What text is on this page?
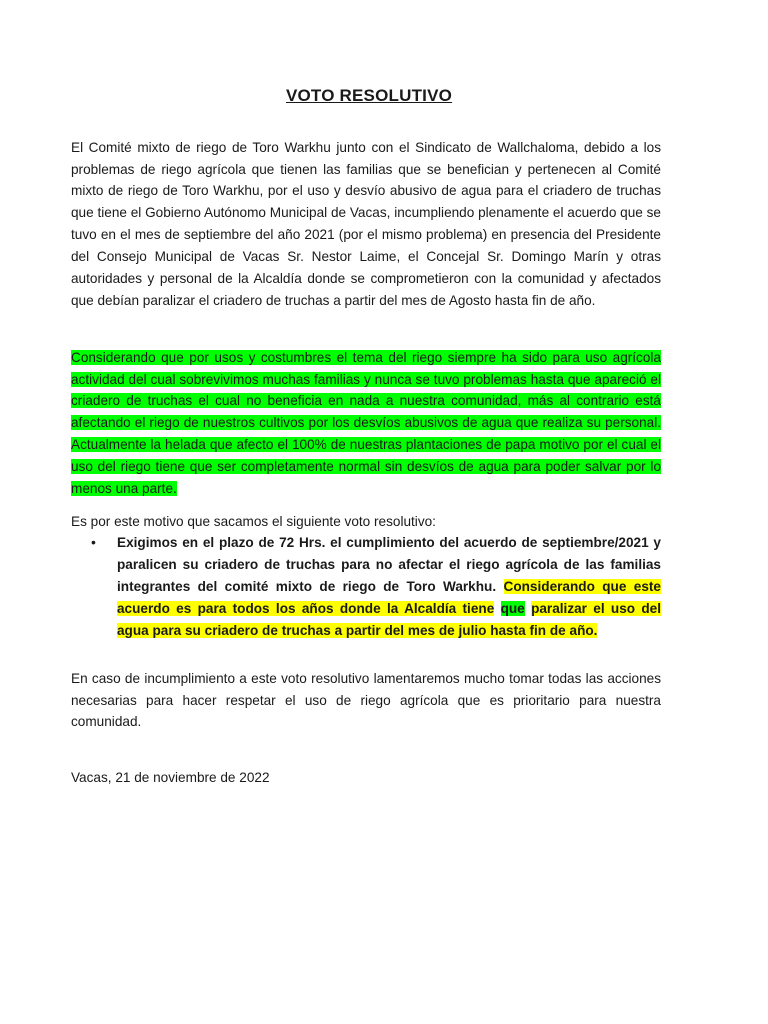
VOTO RESOLUTIVO

El Comité mixto de riego de Toro Warkhu junto con el Sindicato de Wallchaloma, debido a los problemas de riego agrícola que tienen las familias que se benefician y pertenecen al Comité mixto de riego de Toro Warkhu, por el uso y desvío abusivo de agua para el criadero de truchas que tiene el Gobierno Autónomo Municipal de Vacas, incumpliendo plenamente el acuerdo que se tuvo en el mes de septiembre del año 2021 (por el mismo problema) en presencia del Presidente del Consejo Municipal de Vacas Sr. Nestor Laime, el Concejal Sr. Domingo Marín y otras autoridades y personal de la Alcaldía donde se comprometieron con la comunidad y afectados que debían paralizar el criadero de truchas a partir del mes de Agosto hasta fin de año.

Considerando que por usos y costumbres el tema del riego siempre ha sido para uso agrícola actividad del cual sobrevivimos muchas familias y nunca se tuvo problemas hasta que apareció el criadero de truchas el cual no beneficia en nada a nuestra comunidad, más al contrario está afectando el riego de nuestros cultivos por los desvíos abusivos de agua que realiza su personal. Actualmente la helada que afecto el 100% de nuestras plantaciones de papa motivo por el cual el uso del riego tiene que ser completamente normal sin desvíos de agua para poder salvar por lo menos una parte.

Es por este motivo que sacamos el siguiente voto resolutivo:

• Exigimos en el plazo de 72 Hrs. el cumplimiento del acuerdo de septiembre/2021 y paralicen su criadero de truchas para no afectar el riego agrícola de las familias integrantes del comité mixto de riego de Toro Warkhu. Considerando que este acuerdo es para todos los años donde la Alcaldía tiene que paralizar el uso del agua para su criadero de truchas a partir del mes de julio hasta fin de año.

En caso de incumplimiento a este voto resolutivo lamentaremos mucho tomar todas las acciones necesarias para hacer respetar el uso de riego agrícola que es prioritario para nuestra comunidad.

Vacas, 21 de noviembre de 2022
